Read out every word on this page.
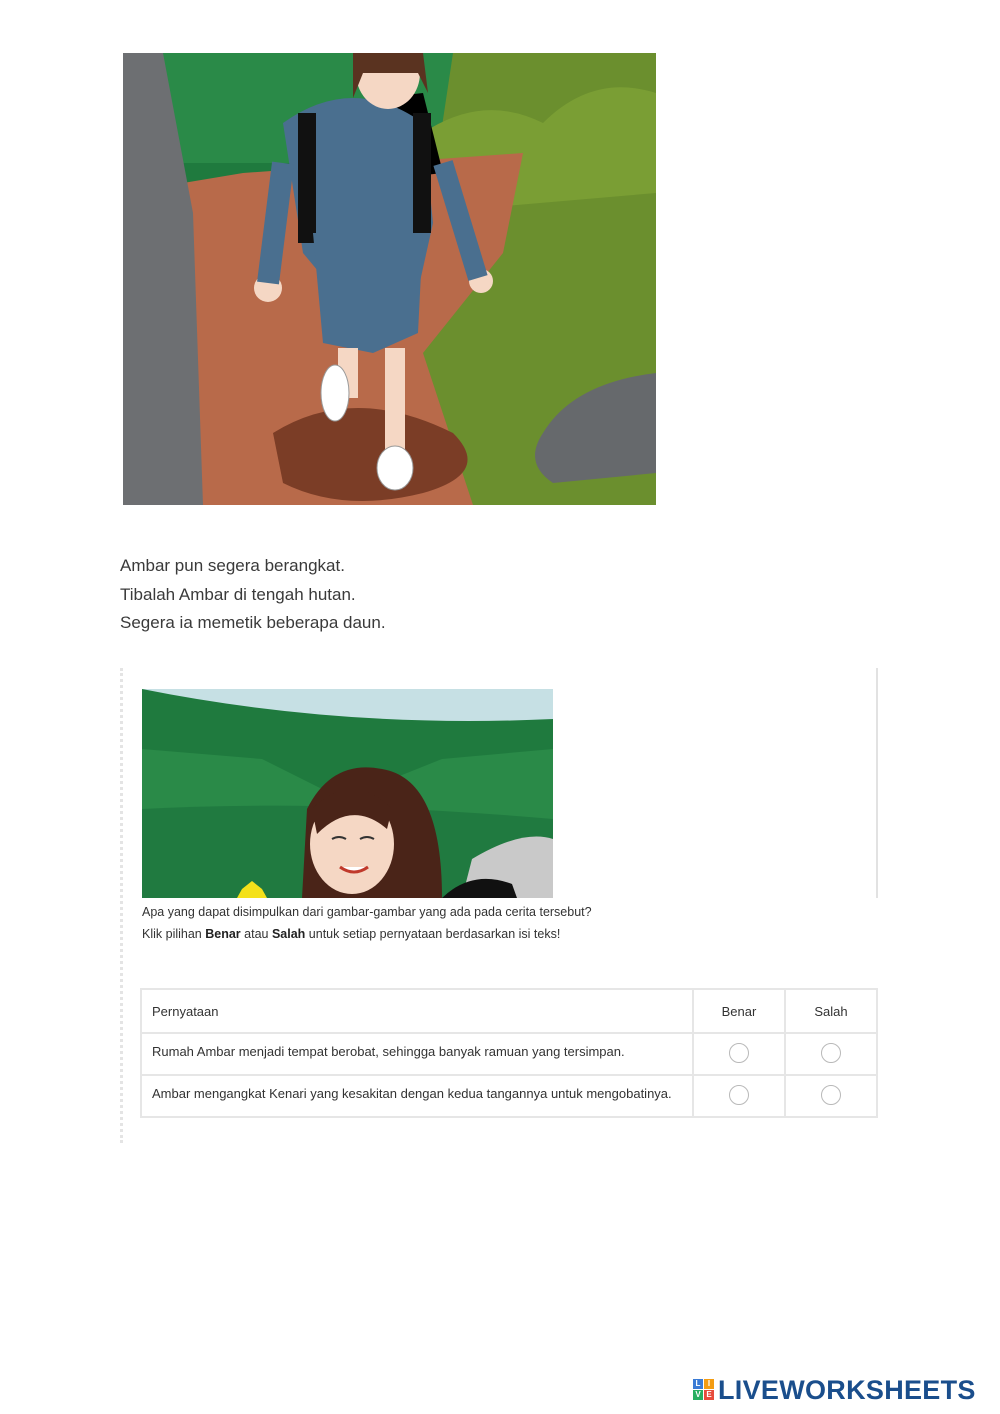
Ambar pun segera berangkat.
Tibalah Ambar di tengah hutan.
Segera ia memetik beberapa daun.
Apa yang dapat disimpulkan dari gambar-gambar yang ada pada cerita tersebut?
Klik pilihan Benar atau Salah untuk setiap pernyataan berdasarkan isi teks!
Pernyataan	Benar	Salah
Rumah Ambar menjadi tempat berobat, sehingga banyak ramuan yang tersimpan.		
Ambar mengangkat Kenari yang kesakitan dengan kedua tangannya untuk mengobatinya.		
L I
V E LIVEWORKSHEETS
